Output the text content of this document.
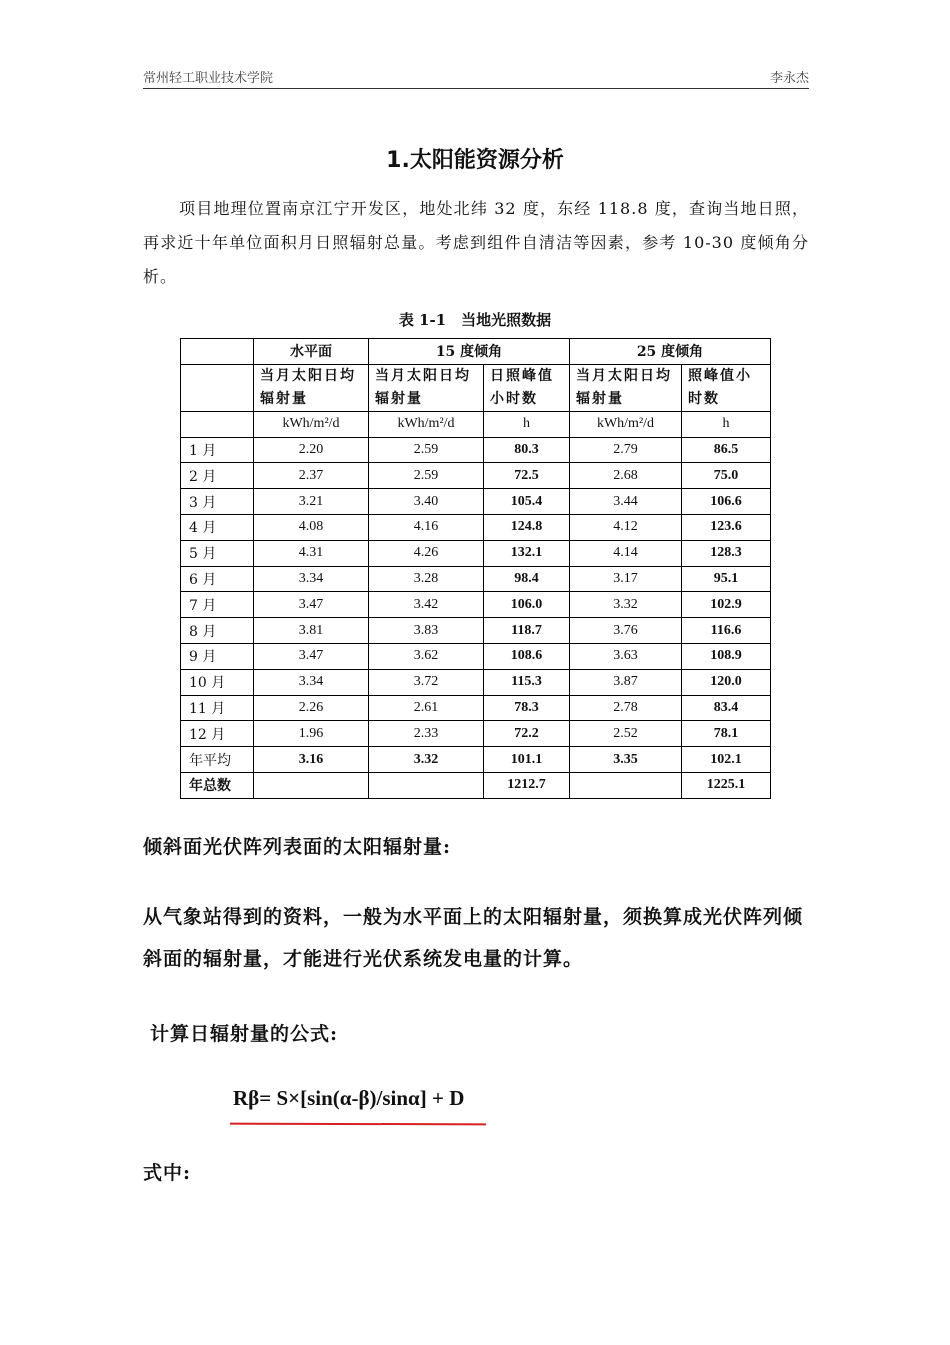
常州轻工职业技术学院	李永杰
1.太阳能资源分析
项目地理位置南京江宁开发区，地处北纬 32 度，东经 118.8 度，查询当地日照，再求近十年单位面积月日照辐射总量。考虑到组件自清洁等因素，参考 10-30 度倾角分析。
表 1-1　当地光照数据
	水平面	15 度倾角		25 度倾角	
	当月太阳日均辐射量	当月太阳日均辐射量	日照峰值小时数	当月太阳日均辐射量	照峰值小时数
	kWh/m²/d	kWh/m²/d	h	kWh/m²/d	h
1 月	2.20	2.59	80.3	2.79	86.5
2 月	2.37	2.59	72.5	2.68	75.0
3 月	3.21	3.40	105.4	3.44	106.6
4 月	4.08	4.16	124.8	4.12	123.6
5 月	4.31	4.26	132.1	4.14	128.3
6 月	3.34	3.28	98.4	3.17	95.1
7 月	3.47	3.42	106.0	3.32	102.9
8 月	3.81	3.83	118.7	3.76	116.6
9 月	3.47	3.62	108.6	3.63	108.9
10 月	3.34	3.72	115.3	3.87	120.0
11 月	2.26	2.61	78.3	2.78	83.4
12 月	1.96	2.33	72.2	2.52	78.1
年平均	3.16	3.32	101.1	3.35	102.1
年总数			1212.7		1225.1
倾斜面光伏阵列表面的太阳辐射量:
从气象站得到的资料，一般为水平面上的太阳辐射量，须换算成光伏阵列倾斜面的辐射量，才能进行光伏系统发电量的计算。
计算日辐射量的公式:
Rβ= S×[sin(α-β)/sinα] + D
式中:
